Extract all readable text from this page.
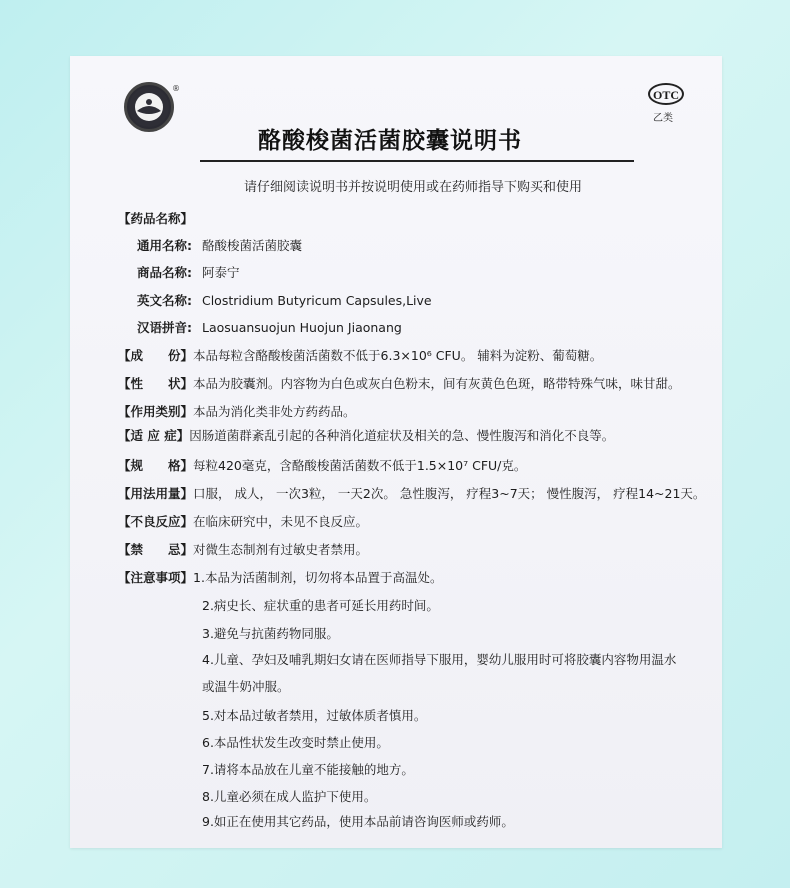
®	OTC
乙类
酪酸梭菌活菌胶囊说明书
请仔细阅读说明书并按说明使用或在药师指导下购买和使用
【药品名称】
通用名称: 酪酸梭菌活菌胶囊
商品名称: 阿泰宁
英文名称: Clostridium Butyricum Capsules,Live
汉语拼音: Laosuansuojun Huojun Jiaonang
【成　　份】本品每粒含酪酸梭菌活菌数不低于6.3×10⁶ CFU。 辅料为淀粉、葡萄糖。
【性　　状】本品为胶囊剂。内容物为白色或灰白色粉末，间有灰黄色色斑，略带特殊气味，味甘甜。
【作用类别】本品为消化类非处方药药品。
【适 应 症】因肠道菌群紊乱引起的各种消化道症状及相关的急、慢性腹泻和消化不良等。
【规　　格】每粒420毫克，含酪酸梭菌活菌数不低于1.5×10⁷ CFU/克。
【用法用量】口服， 成人， 一次3粒， 一天2次。 急性腹泻， 疗程3~7天； 慢性腹泻， 疗程14~21天。
【不良反应】在临床研究中，未见不良反应。
【禁　　忌】对微生态制剂有过敏史者禁用。
【注意事项】1.本品为活菌制剂，切勿将本品置于高温处。
2.病史长、症状重的患者可延长用药时间。
3.避免与抗菌药物同服。
4.儿童、孕妇及哺乳期妇女请在医师指导下服用，婴幼儿服用时可将胶囊内容物用温水
或温牛奶冲服。
5.对本品过敏者禁用，过敏体质者慎用。
6.本品性状发生改变时禁止使用。
7.请将本品放在儿童不能接触的地方。
8.儿童必须在成人监护下使用。
9.如正在使用其它药品，使用本品前请咨询医师或药师。
